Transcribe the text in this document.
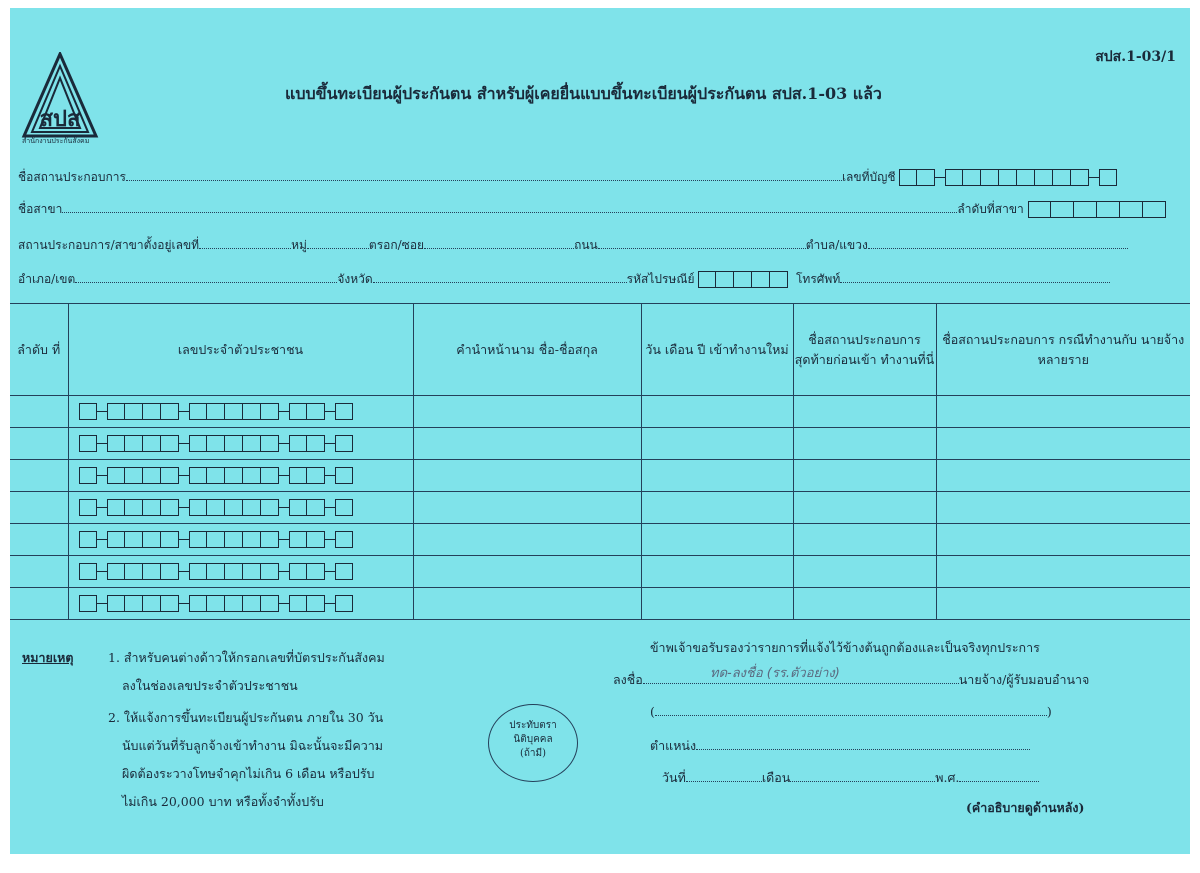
สปส.1-03/1
สปส
สำนักงานประกันสังคม
แบบขึ้นทะเบียนผู้ประกันตน สำหรับผู้เคยยื่นแบบขึ้นทะเบียนผู้ประกันตน สปส.1-03 แล้ว
ชื่อสถานประกอบการ	เลขที่บัญชี
ชื่อสาขา	ลำดับที่สาขา
สถานประกอบการ/สาขาตั้งอยู่เลขที่	หมู่	ตรอก/ซอย	ถนน	ตำบล/แขวง
อำเภอ/เขต	จังหวัด	รหัสไปรษณีย์	โทรศัพท์
ลำดับ ที่	เลขประจำตัวประชาชน	คำนำหน้านาม ชื่อ-ชื่อสกุล	วัน เดือน ปี เข้าทำงานใหม่	ชื่อสถานประกอบการ สุดท้ายก่อนเข้า ทำงานที่นี่	ชื่อสถานประกอบการ กรณีทำงานกับ นายจ้างหลายราย

หมายเหตุ	1. สำหรับคนต่างด้าวให้กรอกเลขที่บัตรประกันสังคม
ลงในช่องเลขประจำตัวประชาชน
2. ให้แจ้งการขึ้นทะเบียนผู้ประกันตน ภายใน 30 วัน
นับแต่วันที่รับลูกจ้างเข้าทำงาน มิฉะนั้นจะมีความ
ผิดต้องระวางโทษจำคุกไม่เกิน 6 เดือน หรือปรับ
ไม่เกิน 20,000 บาท หรือทั้งจำทั้งปรับ
ประทับตรา
นิติบุคคล
(ถ้ามี)
ข้าพเจ้าขอรับรองว่ารายการที่แจ้งไว้ข้างต้นถูกต้องและเป็นจริงทุกประการ
ลงชื่อ	นายจ้าง/ผู้รับมอบอำนาจ
ทด-ลงชื่อ (รร.ตัวอย่าง)
(	)
ตำแหน่ง
วันที่	เดือน	พ.ศ.
(คำอธิบายดูด้านหลัง)
